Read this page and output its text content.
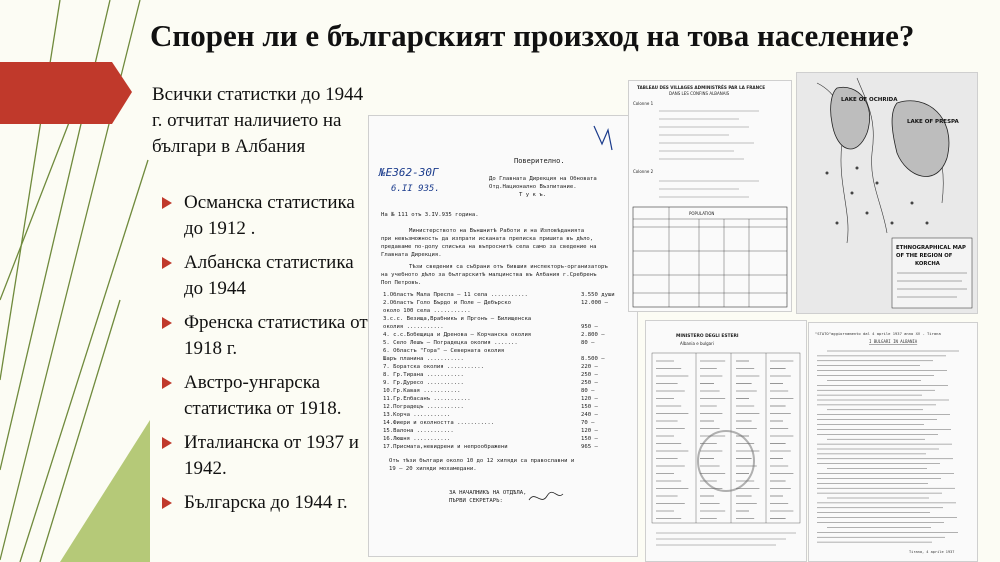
Спорен ли е българският произход на това население?
Всички статистки до 1944 г. отчитат наличието на българи в Албания
Османска статистика до 1912 .
Албанска статистика до 1944
Френска статистика от 1918 г.
Австро-унгарска статистика от 1918.
Италианска от 1937 и 1942.
Българска до 1944 г.
№Е362-30Г
6.II 935.
Поверително.
До Главната Дирекция на Обновата
Отд.Национално Възпитание.
Т у к ъ.
На № 111 отъ 3.IV.935 година.
Министерството на Външнитѣ Работи и на Изповѣданията
при невъзможность да изпрати исканата преписка пришита въ дѣло,
предаваме по-долу списъка на въпроснитѣ села само за сведение на
Главната Дирекция.
Тѣзи сведения са събрани отъ бившия инспекторъ-организаторъ
на учебното дѣло за българскитѣ малцинства въ Албания г.Сребренъ
Поп Петровъ.
1.Областъ Мала Преспа — 11 села ...........	3.550 души
2.Областъ Голо Бърдо и Поле — Дебърско	12.000 —
около 100 села ...........
3.с.с. Везища,Врабникъ и Пргонъ — Билищенска
околия ...........	950 —
4. с.с.Бобещица и Дренова — Корчанска околия	2.800 —
5. Село Лешъ — Поградецка околия .......	80 —
6. Областъ "Гора" — Северната околия
Шаръ планина ...........	8.500 —
7. Боратска околия ...........	220 —
8. Гр.Тирана ...........	250 —
9. Гр.Дуресо ...........	250 —
10.Гр.Кавая ...........	80 —
11.Гр.Елбасанъ ...........	120 —
12.Поградецъ ...........	150 —
13.Корча ...........	240 —
14.Фиери и околността ...........	70 —
15.Валона ...........	120 —
16.Люшня ...........	150 —
17.Присмата,невидрени и непроображени	965 —
Отъ тѣзи българи около 10 до 12 хиляди са православни и
19 — 20 хиляди мохамедани.
ЗА НАЧАЛНИКЪ НА ОТДѢЛА,
ПЪРВИ СЕКРЕТАРЬ:
TABLEAU DES VILLAGES ADMINISTRÉS PAR LA FRANCE
DANS LES CONFINS ALBANAIS
Colonne 1
Colonne 2
POPULATION
LAKE OF OCHRIDA
LAKE OF PRESPA
ETHNOGRAPHICAL MAP
OF THE REGION OF
KORCHA
MINISTERO DEGLI ESTERI
Albania e bulgari
"STATO"aggiornamento dal 4 aprile 1937 anno XV - Tirana
I BULGARI IN ALBANIA
Tirana, 4 aprile 1937
